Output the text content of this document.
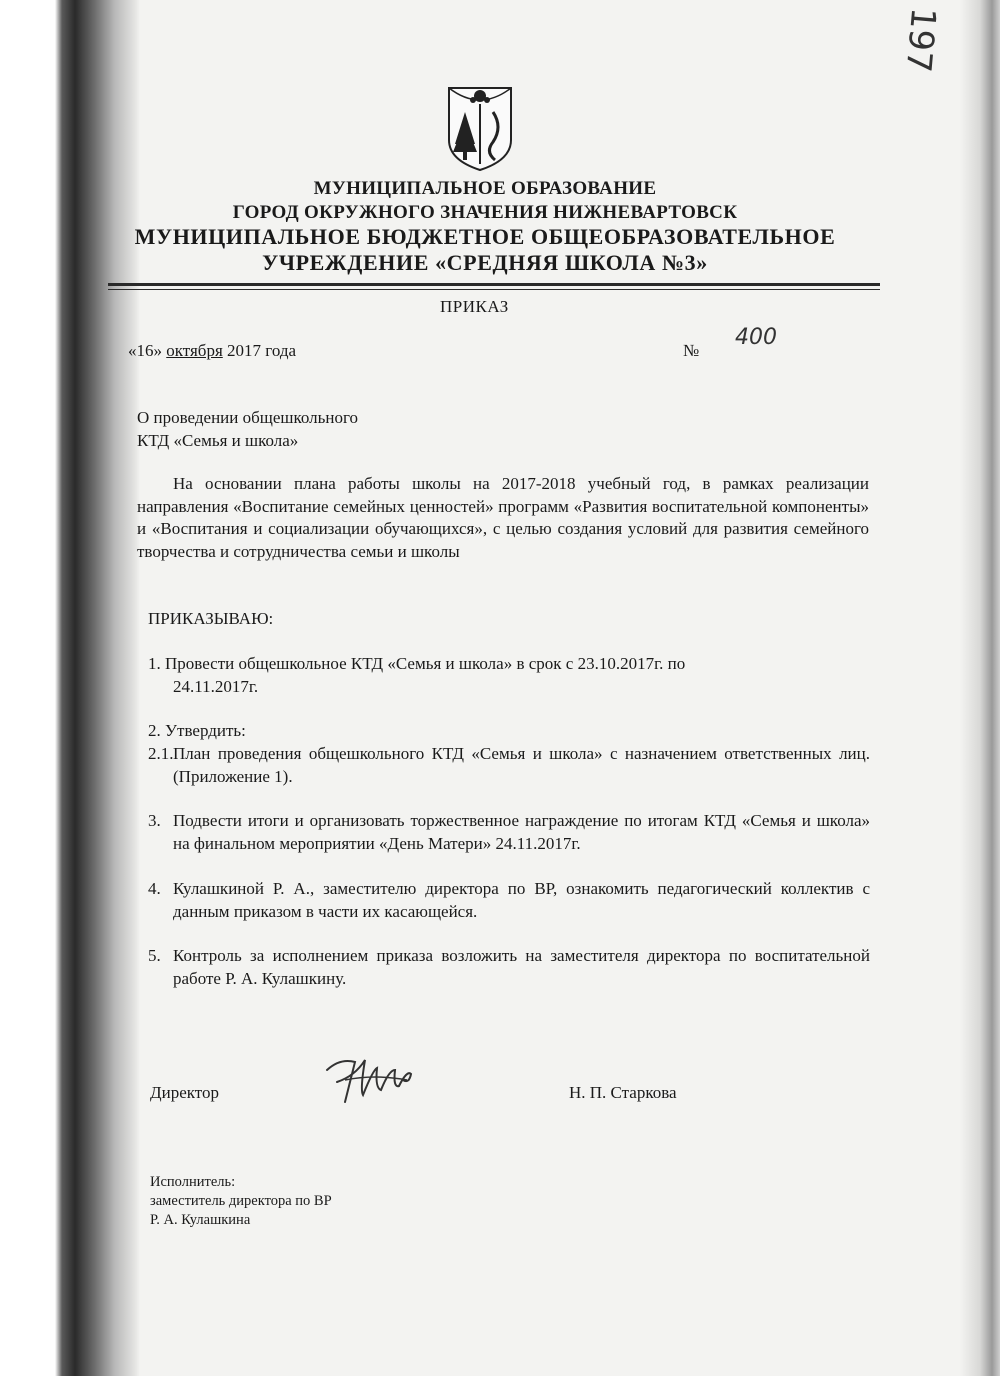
197
МУНИЦИПАЛЬНОЕ ОБРАЗОВАНИЕ
ГОРОД ОКРУЖНОГО ЗНАЧЕНИЯ НИЖНЕВАРТОВСК
МУНИЦИПАЛЬНОЕ БЮДЖЕТНОЕ ОБЩЕОБРАЗОВАТЕЛЬНОЕ
УЧРЕЖДЕНИЕ «СРЕДНЯЯ ШКОЛА №3»
ПРИКАЗ
«16» октября 2017 года	№
400
О проведении общешкольного
КТД «Семья и школа»
На основании плана работы школы на 2017-2018 учебный год, в рамках реализации направления «Воспитание семейных ценностей» программ «Развития воспитательной компоненты» и «Воспитания и социализации обучающихся», с целью создания условий для развития семейного творчества и сотрудничества семьи и школы
ПРИКАЗЫВАЮ:
1. Провести общешкольное КТД «Семья и школа» в срок с 23.10.2017г. по
24.11.2017г.
2. Утвердить:
2.1. План проведения общешкольного КТД «Семья и школа» с назначением ответственных лиц. (Приложение 1).
3. Подвести итоги и организовать торжественное награждение по итогам КТД «Семья и школа» на финальном мероприятии «День Матери» 24.11.2017г.
4. Кулашкиной Р. А., заместителю директора по ВР, ознакомить педагогический коллектив с данным приказом в части их касающейся.
5. Контроль за исполнением приказа возложить на заместителя директора по воспитательной работе Р. А. Кулашкину.
Директор	Н. П. Старкова
Исполнитель:
заместитель директора по ВР
Р. А. Кулашкина
